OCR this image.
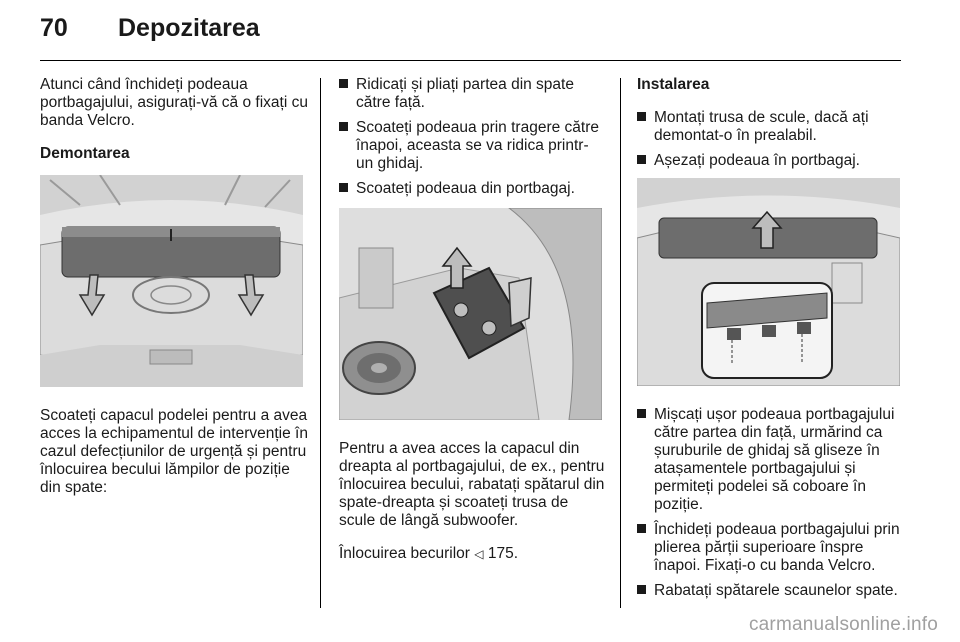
70	Depozitarea

Atunci când închideți podeaua portbagajului, asigurați-vă că o fixați cu banda Velcro.

Demontarea

Scoateți capacul podelei pentru a avea acces la echipamentul de intervenție în cazul defecțiunilor de urgență și pentru înlocuirea becului lămpilor de poziție din spate:

Ridicați și pliați partea din spate către față.
Scoateți podeaua prin tragere către înapoi, aceasta se va ridica printr-un ghidaj.
Scoateți podeaua din portbagaj.

Pentru a avea acces la capacul din dreapta al portbagajului, de ex., pentru înlocuirea becului, rabatați spătarul din spate-dreapta și scoateți trusa de scule de lângă subwoofer.

Înlocuirea becurilor ◁ 175.

Instalarea

Montați trusa de scule, dacă ați demontat-o în prealabil.
Așezați podeaua în portbagaj.
Mișcați ușor podeaua portbagajului către partea din față, urmărind ca șuruburile de ghidaj să gliseze în atașamentele portbagajului și permiteți podelei să coboare în poziție.
Închideți podeaua portbagajului prin plierea părții superioare înspre înapoi. Fixați-o cu banda Velcro.
Rabatați spătarele scaunelor spate.
carmanualsonline.info
